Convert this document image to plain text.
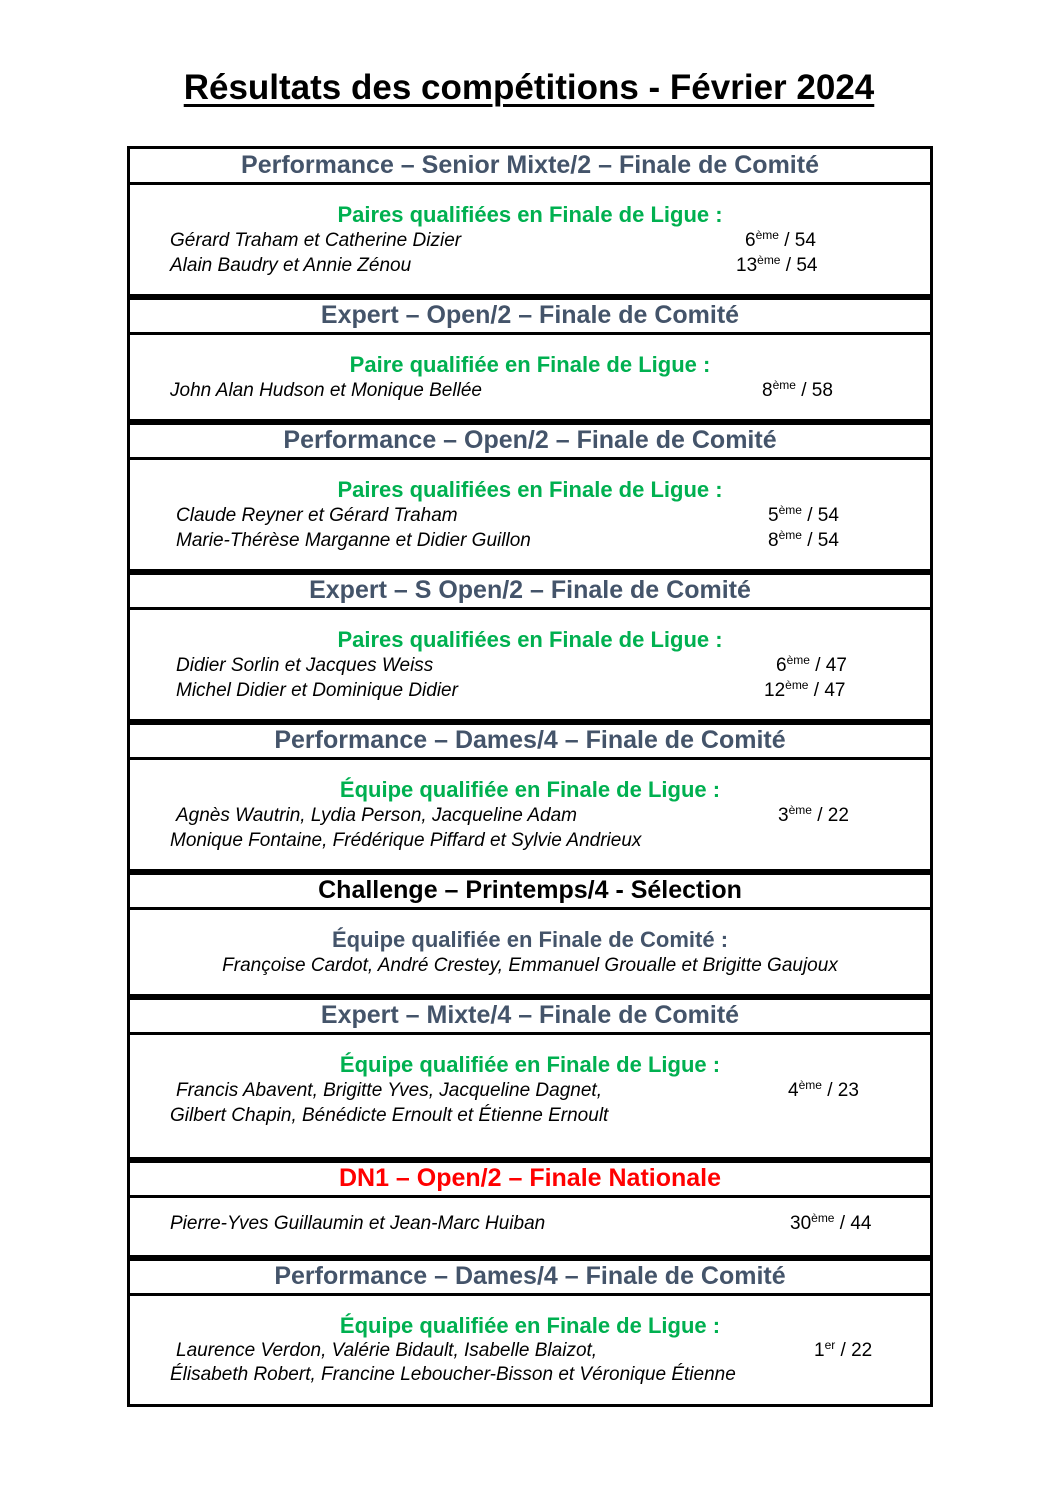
Résultats des compétitions - Février 2024
Performance – Senior Mixte/2 – Finale de Comité
Paires qualifiées en Finale de Ligue :
Gérard Traham et Catherine Dizier
Alain Baudry et Annie Zénou
6ème / 54
13ème / 54
Expert – Open/2 – Finale de Comité
Paire qualifiée en Finale de Ligue :
John Alan Hudson et Monique Bellée	8ème / 58
Performance – Open/2 – Finale de Comité
Paires qualifiées en Finale de Ligue :
Claude Reyner et Gérard Traham
Marie-Thérèse Marganne et Didier Guillon
5ème / 54
8ème / 54
Expert – S Open/2 – Finale de Comité
Paires qualifiées en Finale de Ligue :
Didier Sorlin et Jacques Weiss
Michel Didier et Dominique Didier
6ème / 47
12ème / 47
Performance – Dames/4 – Finale de Comité
Équipe qualifiée en Finale de Ligue :
Agnès Wautrin, Lydia Person, Jacqueline Adam
Monique Fontaine, Frédérique Piffard et Sylvie Andrieux
3ème / 22
Challenge – Printemps/4 - Sélection
Équipe qualifiée en Finale de Comité :
Françoise Cardot, André Crestey, Emmanuel Groualle et Brigitte Gaujoux
Expert – Mixte/4 – Finale de Comité
Équipe qualifiée en Finale de Ligue :
Francis Abavent, Brigitte Yves, Jacqueline Dagnet,
Gilbert Chapin, Bénédicte Ernoult et Étienne Ernoult
4ème / 23
DN1 – Open/2 – Finale Nationale
Pierre-Yves Guillaumin et Jean-Marc Huiban	30ème / 44
Performance – Dames/4 – Finale de Comité
Équipe qualifiée en Finale de Ligue :
Laurence Verdon, Valérie Bidault, Isabelle Blaizot,
Élisabeth Robert, Francine Leboucher-Bisson et Véronique Étienne
1er / 22
